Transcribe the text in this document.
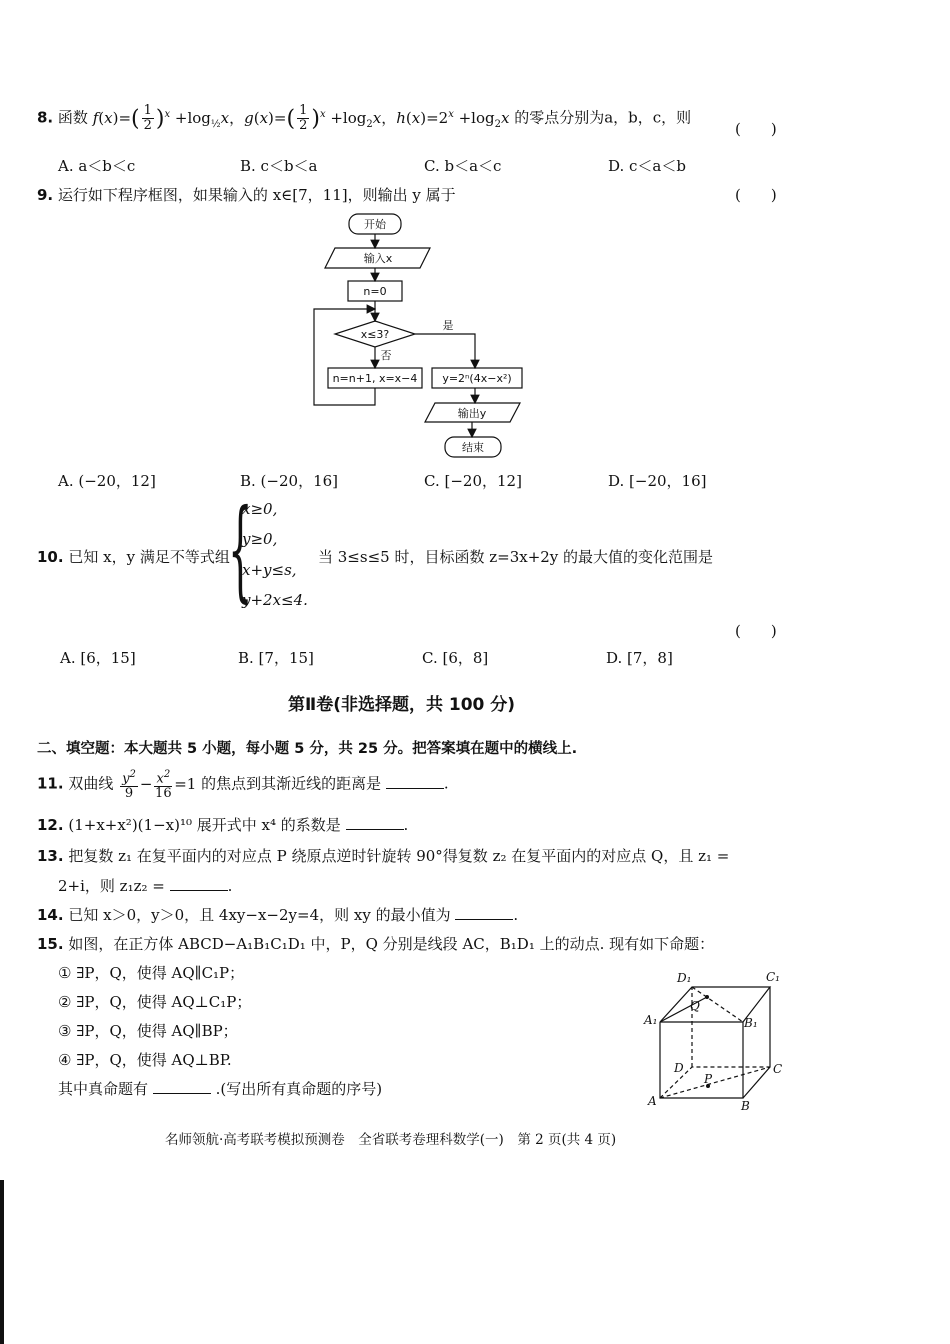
8. 函数 $f(x)=( \frac{1}{2} )^x +\log_{\frac{1}{2}}x$，$g(x)=( \frac{1}{2} )^x +\log_2x$，$h(x)=2^x +\log_2x$ 的零点分别为a，b，c，则
(　　)
A. a＜b＜c	B. c＜b＜a	C. b＜a＜c	D. c＜a＜b
9. 运行如下程序框图，如果输入的 x∈[7，11]，则输出 y 属于	(　　)
开始
输入x
n=0
x≤3?
是
否
n=n+1, x=x−4 y=2ⁿ(4x−x²)
输出y
结束
A. (−20，12]	B. (−20，16]	C. [−20，12]	D. [−20，16]
10. 已知 x，y 满足不等式组
{
x≥0,
y≥0,
x+y≤s,
y+2x≤4.
当 3≤s≤5 时，目标函数 z=3x+2y 的最大值的变化范围是
(　　)
A. [6，15]	B. [7，15]	C. [6，8]	D. [7，8]
第Ⅱ卷(非选择题，共 100 分)
二、填空题：本大题共 5 小题，每小题 5 分，共 25 分。把答案填在题中的横线上.
11. 双曲线 $\frac{y^2}{9} - \frac{x^2}{16} =1$ 的焦点到其渐近线的距离是	.
12. (1+x+x²)(1−x)¹⁰ 展开式中 x⁴ 的系数是	.
13. 把复数 z₁ 在复平面内的对应点 P 绕原点逆时针旋转 90°得复数 z₂ 在复平面内的对应点 Q，且 z₁ =
2+i，则 z₁z₂ =	.
14. 已知 x＞0，y＞0，且 4xy−x−2y=4，则 xy 的最小值为	.
15. 如图，在正方体 ABCD−A₁B₁C₁D₁ 中，P，Q 分别是线段 AC，B₁D₁ 上的动点. 现有如下命题：
① ∃P，Q，使得 AQ∥C₁P；
② ∃P，Q，使得 AQ⊥C₁P；
③ ∃P，Q，使得 AQ∥BP；
④ ∃P，Q，使得 AQ⊥BP.
其中真命题有	.(写出所有真命题的序号)
D₁	C₁
A₁	B₁
Q
D	C
P
A	B
名师领航·高考联考模拟预测卷　全省联考卷理科数学(一)　第 2 页(共 4 页)
